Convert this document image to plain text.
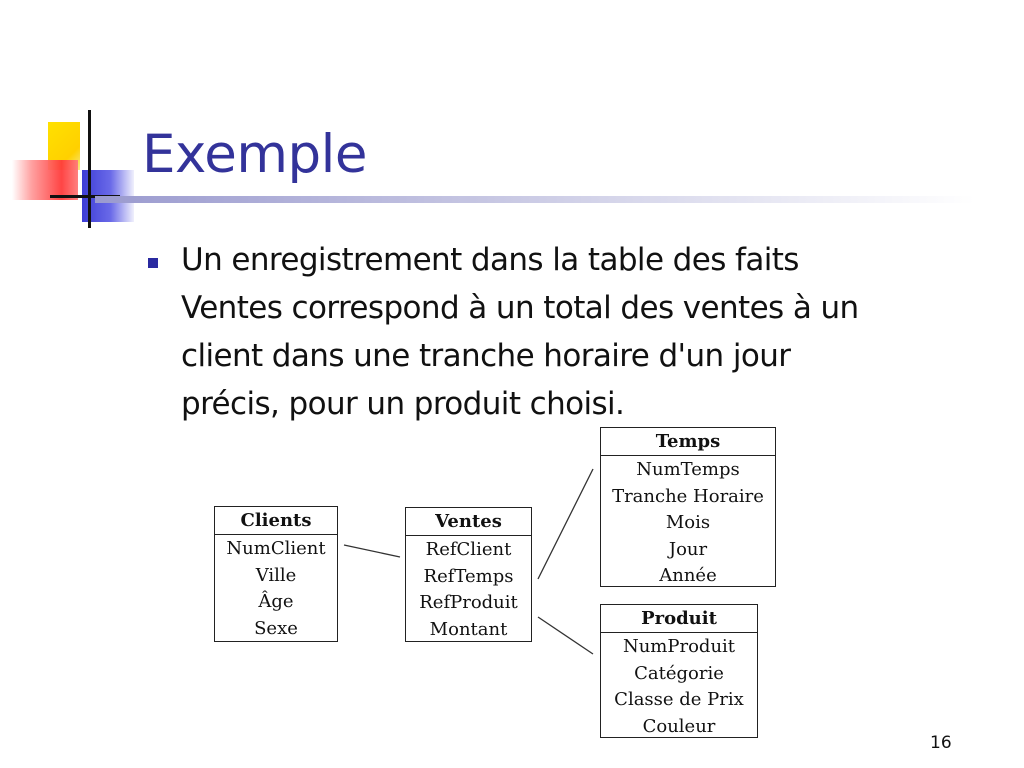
Exemple

Un enregistrement dans la table des faits
Ventes correspond à un total des ventes à un
client dans une tranche horaire d'un jour
précis, pour un produit choisi.

Clients
NumClient
Ville
Âge
Sexe
Ventes
RefClient
RefTemps
RefProduit
Montant
Temps
NumTemps
Tranche Horaire
Mois
Jour
Année
Produit
NumProduit
Catégorie
Classe de Prix
Couleur
16
